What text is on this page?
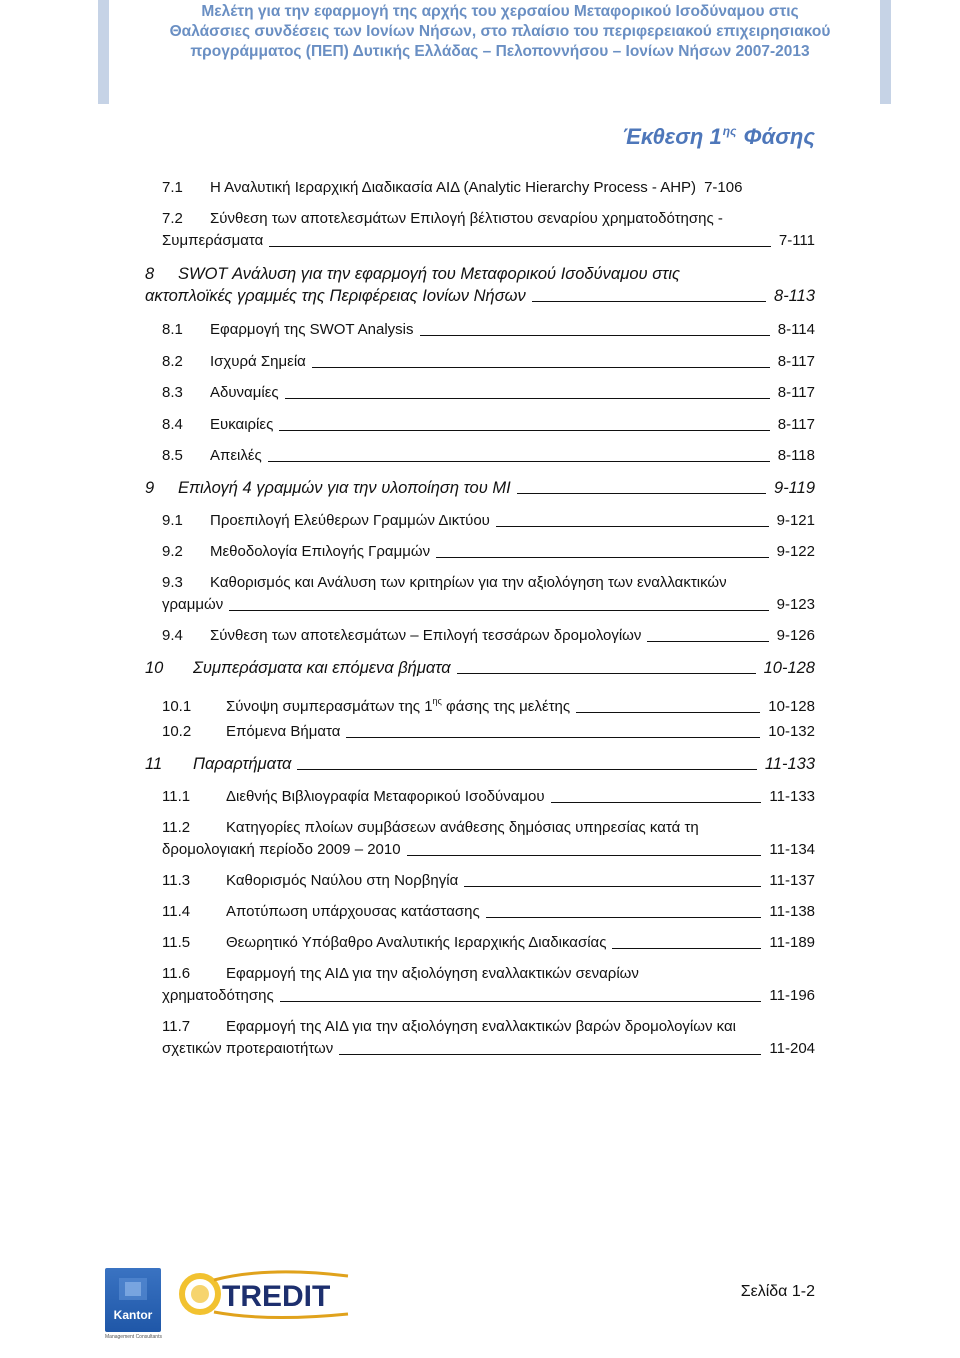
Μελέτη για την εφαρμογή της αρχής του χερσαίου Μεταφορικού Ισοδύναμου στις
Θαλάσσιες συνδέσεις των Ιονίων Νήσων, στο πλαίσιο του περιφερειακού επιχειρησιακού
προγράμματος (ΠΕΠ) Δυτικής Ελλάδας – Πελοποννήσου – Ιονίων Νήσων 2007-2013
Έκθεση $1^{\eta\varsigma}$ Φάσης
7.1	Η Αναλυτική Ιεραρχική Διαδικασία ΑΙΔ (Analytic Hierarchy Process - AHP) 7-106
7.2	Σύνθεση των αποτελεσμάτων Επιλογή βέλτιστου σεναρίου χρηματοδότησης -
Συμπεράσματα	7-111
8	SWOT Ανάλυση για την εφαρμογή του Μεταφορικού Ισοδύναμου στις
ακτοπλοϊκές γραμμές της Περιφέρειας Ιονίων Νήσων	8-113
8.1	Εφαρμογή της SWOT Analysis	8-114
8.2	Ισχυρά Σημεία	8-117
8.3	Αδυναμίες	8-117
8.4	Ευκαιρίες	8-117
8.5	Απειλές	8-118
9	Επιλογή 4 γραμμών για την υλοποίηση του ΜΙ	9-119
9.1	Προεπιλογή Ελεύθερων Γραμμών Δικτύου	9-121
9.2	Μεθοδολογία Επιλογής Γραμμών	9-122
9.3	Καθορισμός και Ανάλυση των κριτηρίων για την αξιολόγηση των εναλλακτικών
γραμμών	9-123
9.4	Σύνθεση των αποτελεσμάτων – Επιλογή τεσσάρων δρομολογίων	9-126
10	Συμπεράσματα και επόμενα βήματα	10-128
10.1	Σύνοψη συμπερασμάτων της $1^{\eta\varsigma}$ φάσης της μελέτης	10-128
10.2	Επόμενα Βήματα	10-132
11	Παραρτήματα	11-133
11.1	Διεθνής Βιβλιογραφία Μεταφορικού Ισοδύναμου	11-133
11.2	Κατηγορίες πλοίων συμβάσεων ανάθεσης δημόσιας υπηρεσίας κατά τη
δρομολογιακή περίοδο 2009 – 2010	11-134
11.3	Καθορισμός Ναύλου στη Νορβηγία	11-137
11.4	Αποτύπωση υπάρχουσας κατάστασης	11-138
11.5	Θεωρητικό Υπόβαθρο Αναλυτικής Ιεραρχικής Διαδικασίας	11-189
11.6	Εφαρμογή της ΑΙΔ για την αξιολόγηση εναλλακτικών σεναρίων
χρηματοδότησης	11-196
11.7	Εφαρμογή της ΑΙΔ για την αξιολόγηση εναλλακτικών βαρών δρομολογίων και
σχετικών προτεραιοτήτων	11-204
Kantor
Management Consultants
TREDIT	Σελίδα 1-2
